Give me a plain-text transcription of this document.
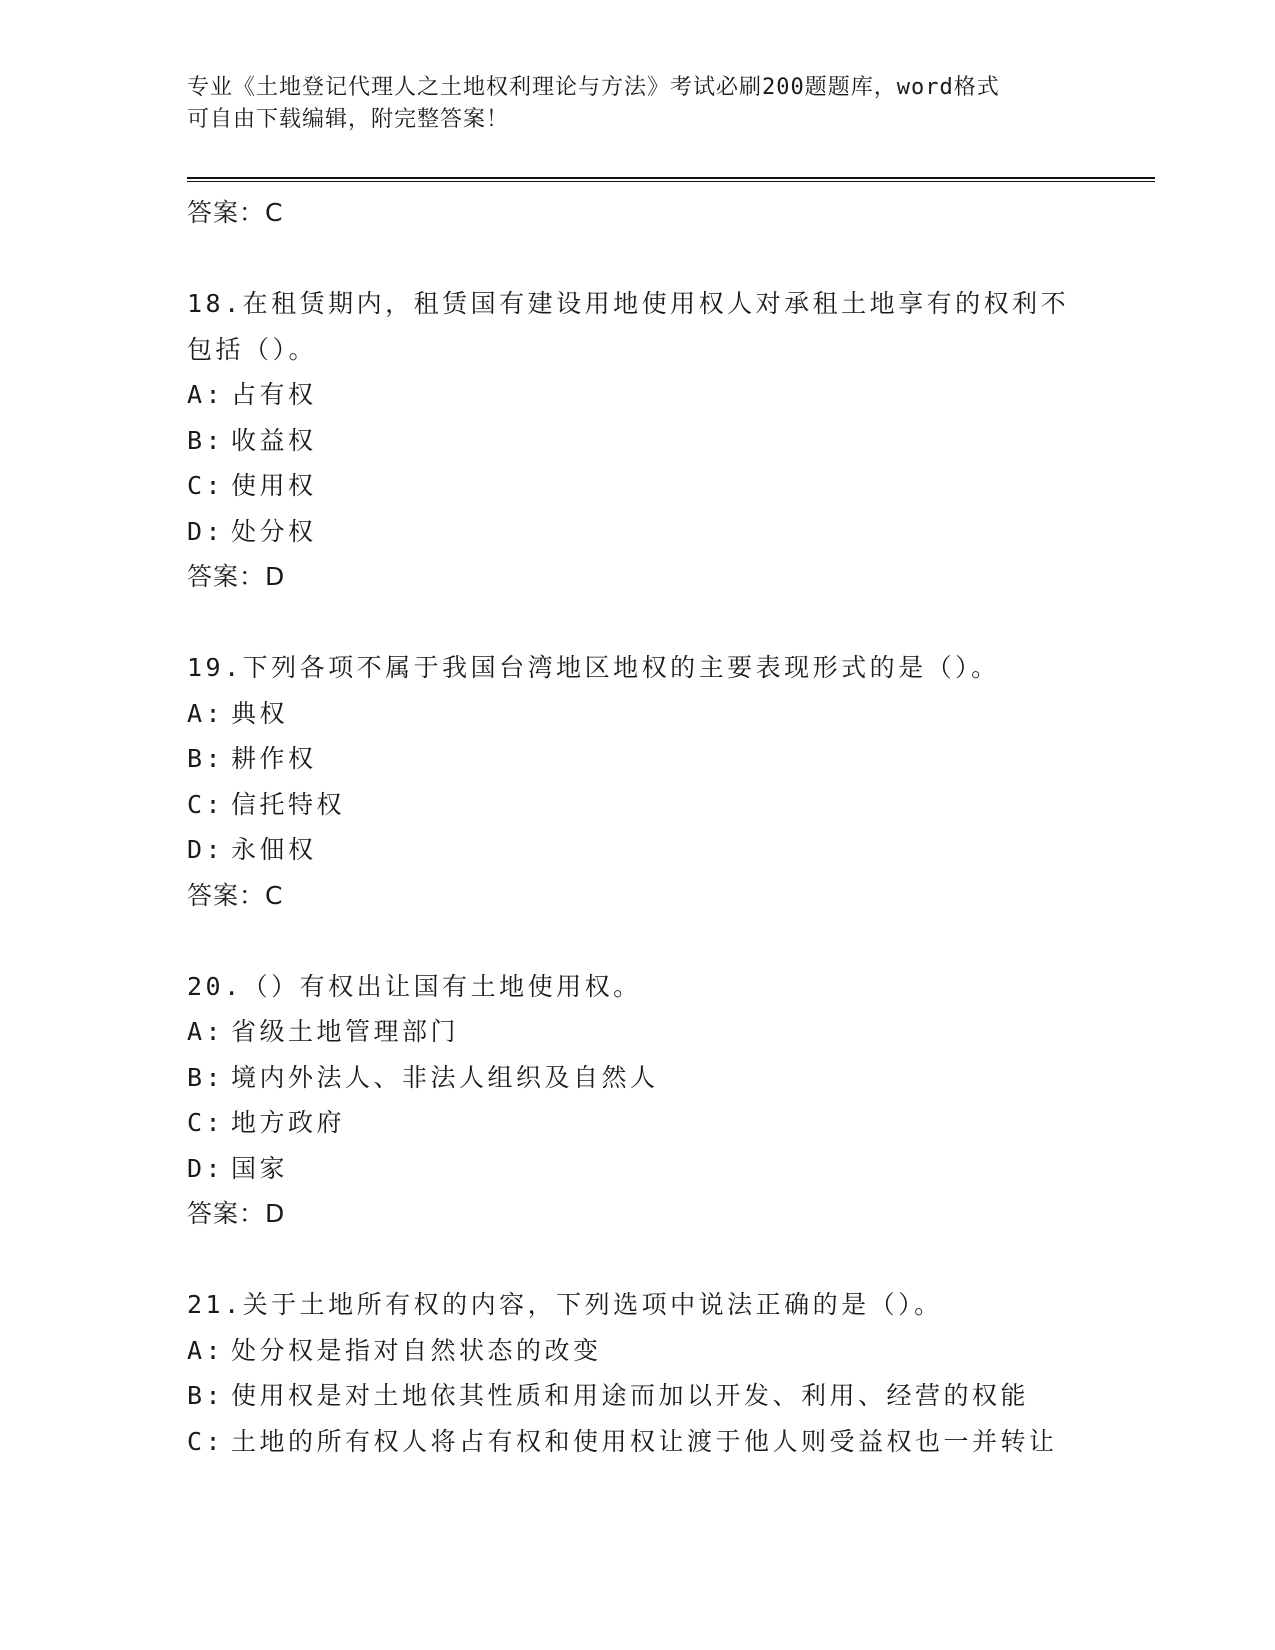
专业《土地登记代理人之土地权利理论与方法》考试必刷200题题库，word格式
可自由下载编辑，附完整答案！
答案：C
18.在租赁期内，租赁国有建设用地使用权人对承租土地享有的权利不
包括（）。
A: 占有权
B: 收益权
C: 使用权
D: 处分权
答案：D
19.下列各项不属于我国台湾地区地权的主要表现形式的是（）。
A: 典权
B: 耕作权
C: 信托特权
D: 永佃权
答案：C
20.（）有权出让国有土地使用权。
A: 省级土地管理部门
B: 境内外法人、非法人组织及自然人
C: 地方政府
D: 国家
答案：D
21.关于土地所有权的内容，下列选项中说法正确的是（）。
A: 处分权是指对自然状态的改变
B: 使用权是对土地依其性质和用途而加以开发、利用、经营的权能
C: 土地的所有权人将占有权和使用权让渡于他人则受益权也一并转让
